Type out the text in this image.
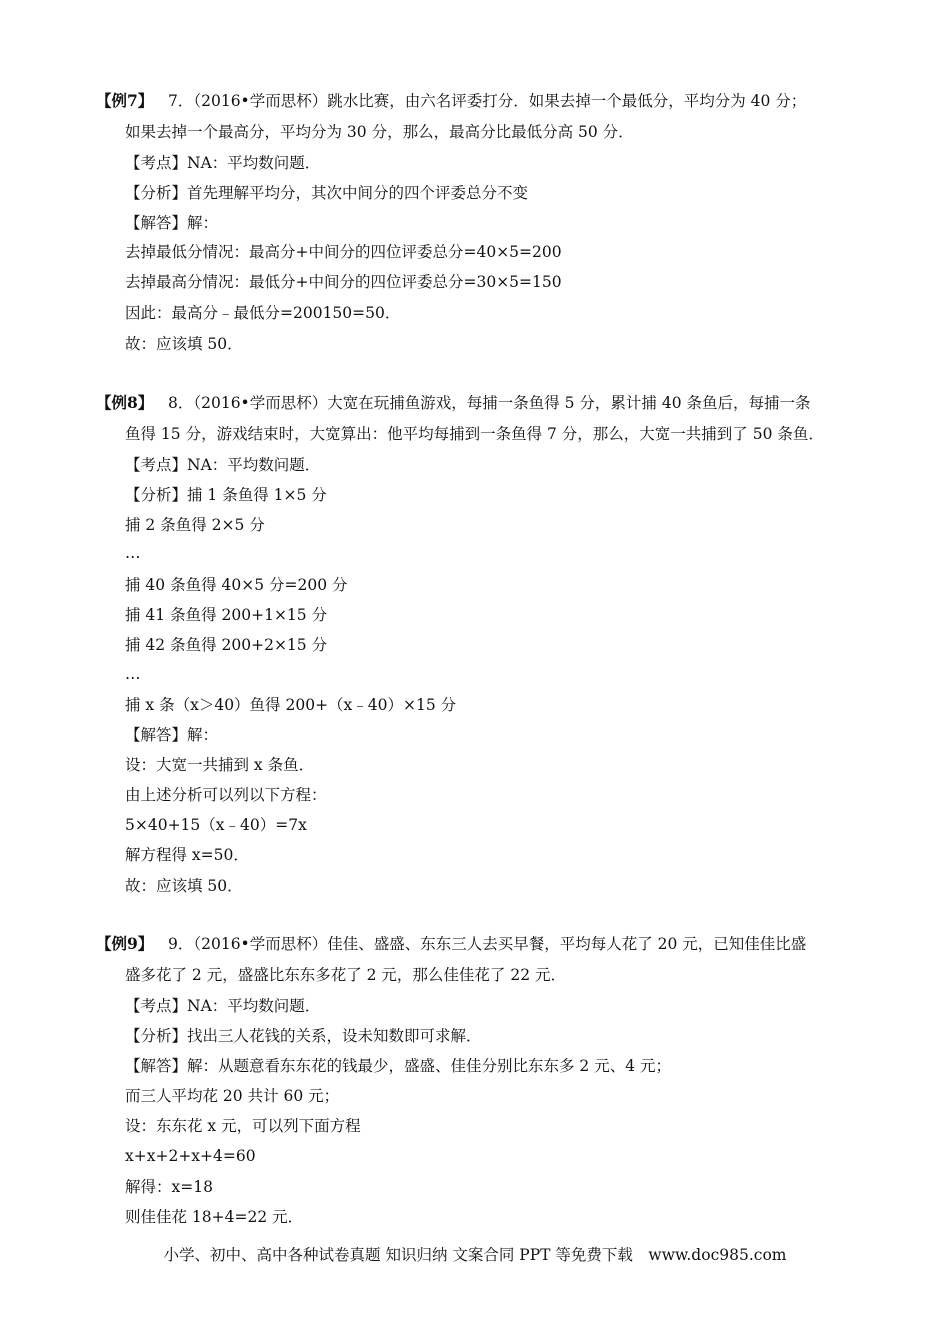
【例7】 7．（2016•学而思杯）跳水比赛，由六名评委打分．如果去掉一个最低分，平均分为 40 分；
如果去掉一个最高分，平均分为 30 分，那么，最高分比最低分高 50 分．
【考点】NA：平均数问题．
【分析】首先理解平均分，其次中间分的四个评委总分不变
【解答】解：
去掉最低分情况：最高分+中间分的四位评委总分=40×5=200
去掉最高分情况：最低分+中间分的四位评委总分=30×5=150
因此：最高分﹣最低分=200150=50．
故：应该填 50．
【例8】 8．（2016•学而思杯）大宽在玩捕鱼游戏，每捕一条鱼得 5 分，累计捕 40 条鱼后，每捕一条
鱼得 15 分，游戏结束时，大宽算出：他平均每捕到一条鱼得 7 分，那么，大宽一共捕到了 50 条鱼．
【考点】NA：平均数问题．
【分析】捕 1 条鱼得 1×5 分
捕 2 条鱼得 2×5 分
…
捕 40 条鱼得 40×5 分=200 分
捕 41 条鱼得 200+1×15 分
捕 42 条鱼得 200+2×15 分
…
捕 x 条（x＞40）鱼得 200+（x﹣40）×15 分
【解答】解：
设：大宽一共捕到 x 条鱼．
由上述分析可以列以下方程：
5×40+15（x﹣40）=7x
解方程得 x=50．
故：应该填 50．
【例9】 9．（2016•学而思杯）佳佳、盛盛、东东三人去买早餐，平均每人花了 20 元，已知佳佳比盛
盛多花了 2 元，盛盛比东东多花了 2 元，那么佳佳花了 22 元．
【考点】NA：平均数问题．
【分析】找出三人花钱的关系，设未知数即可求解．
【解答】解：从题意看东东花的钱最少，盛盛、佳佳分别比东东多 2 元、4 元；
而三人平均花 20 共计 60 元；
设：东东花 x 元，可以列下面方程
x+x+2+x+4=60
解得：x=18
则佳佳花 18+4=22 元．
小学、初中、高中各种试卷真题 知识归纳 文案合同 PPT 等免费下载　www.doc985.com
